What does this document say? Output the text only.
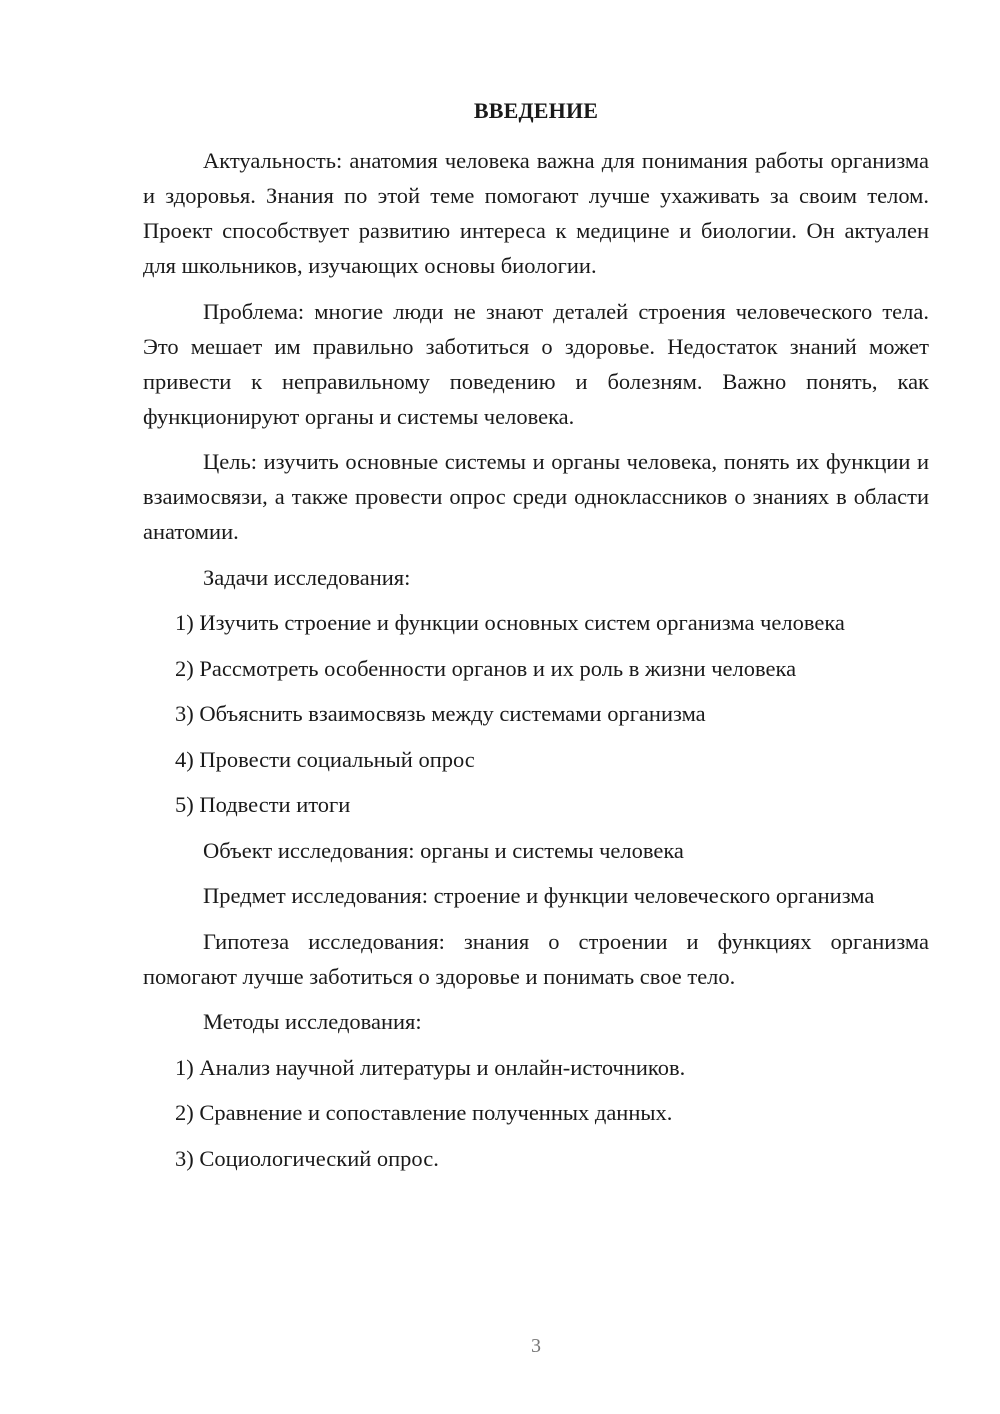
ВВЕДЕНИЕ

Актуальность: анатомия человека важна для понимания работы организма и здоровья. Знания по этой теме помогают лучше ухаживать за своим телом. Проект способствует развитию интереса к медицине и биологии. Он актуален для школьников, изучающих основы биологии.

Проблема: многие люди не знают деталей строения человеческого тела. Это мешает им правильно заботиться о здоровье. Недостаток знаний может привести к неправильному поведению и болезням. Важно понять, как функционируют органы и системы человека.

Цель: изучить основные системы и органы человека, понять их функции и взаимосвязи, а также провести опрос среди одноклассников о знаниях в области анатомии.

Задачи исследования:

1) Изучить строение и функции основных систем организма человека

2) Рассмотреть особенности органов и их роль в жизни человека

3) Объяснить взаимосвязь между системами организма

4) Провести социальный опрос

5) Подвести итоги

Объект исследования: органы и системы человека

Предмет исследования: строение и функции человеческого организма

Гипотеза исследования: знания о строении и функциях организма помогают лучше заботиться о здоровье и понимать свое тело.

Методы исследования:

1) Анализ научной литературы и онлайн-источников.

2) Сравнение и сопоставление полученных данных.

3) Социологический опрос.

3
